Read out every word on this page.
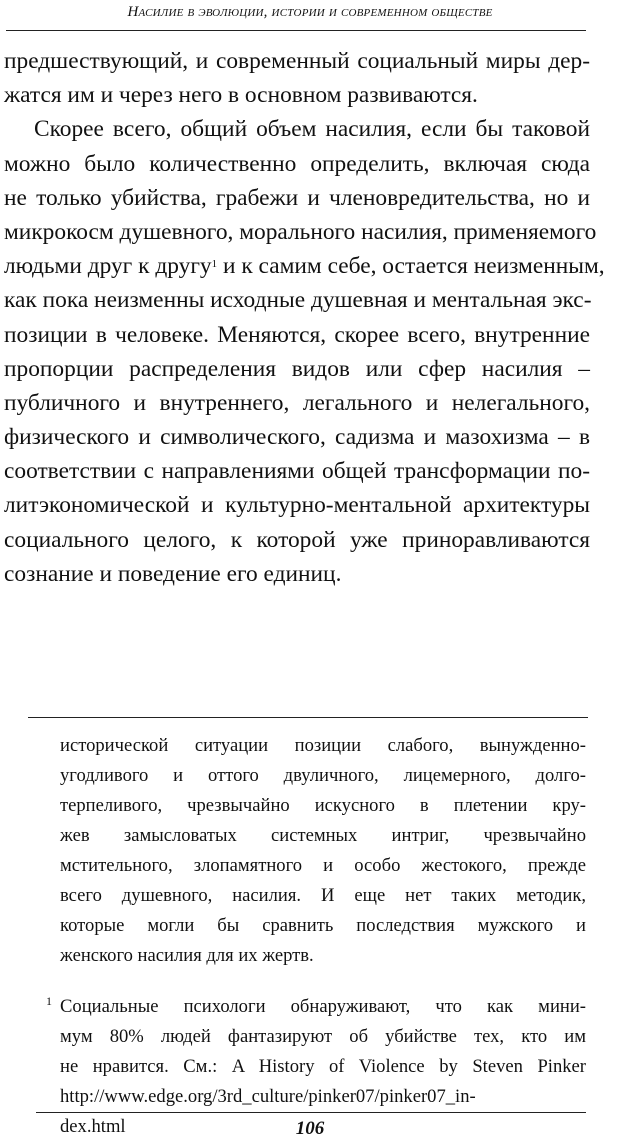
Насилие в эволюции, истории и современном обществе
предшествующий, и современный социальный миры дер-
жатся им и через него в основном развиваются.
Скорее всего, общий объем насилия, если бы таковой
можно было количественно определить, включая сюда
не только убийства, грабежи и членовредительства, но и
микрокосм душевного, морального насилия, применяемого
людьми друг к другу$^1$ и к самим себе, остается неизменным,
как пока неизменны исходные душевная и ментальная экс-
позиции в человеке. Меняются, скорее всего, внутренние
пропорции распределения видов или сфер насилия –
публичного и внутреннего, легального и нелегального,
физического и символического, садизма и мазохизма – в
соответствии с направлениями общей трансформации по-
литэкономической и культурно-ментальной архитектуры
социального целого, к которой уже приноравливаются
сознание и поведение его единиц.
исторической ситуации позиции слабого, вынужденно-
угодливого и оттого двуличного, лицемерного, долго-
терпеливого, чрезвычайно искусного в плетении кру-
жев замысловатых системных интриг, чрезвычайно
мстительного, злопамятного и особо жестокого, прежде
всего душевного, насилия. И еще нет таких методик,
которые могли бы сравнить последствия мужского и
женского насилия для их жертв.
1 Социальные психологи обнаруживают, что как мини-
мум 80% людей фантазируют об убийстве тех, кто им
не нравится. См.: A History of Violence by Steven Pinker
http://www.edge.org/3rd_culture/pinker07/pinker07_in-
dex.html	106
